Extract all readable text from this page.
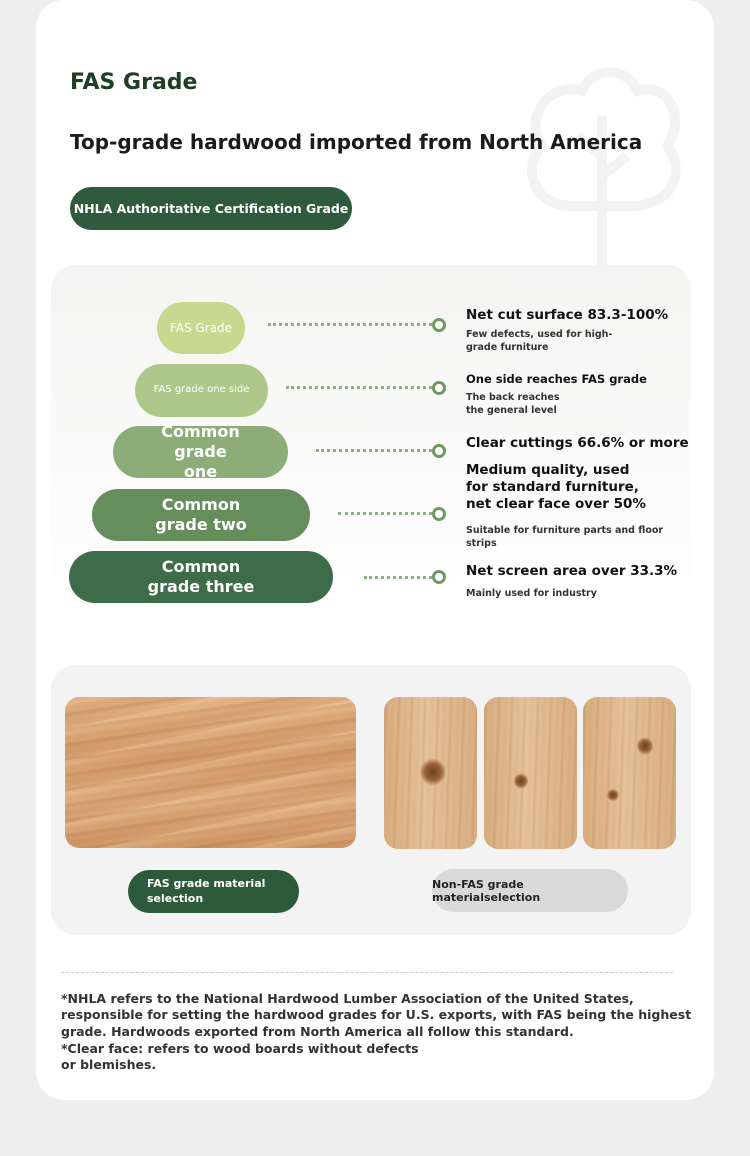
FAS Grade
Top-grade hardwood imported from North America
NHLA Authoritative Certification Grade
FAS Grade
Net cut surface 83.3-100%
Few defects, used for high-grade furniture
FAS grade one side
One side reaches FAS grade
The back reaches the general level
Common grade one
Clear cuttings 66.6% or more
Common grade two
Medium quality, used for standard furniture, net clear face over 50%
Suitable for furniture parts and floor strips
Common grade three
Net screen area over 33.3%
Mainly used for industry
FAS grade material selection
Non-FAS grade materialselection
*NHLA refers to the National Hardwood Lumber Association of the United States, responsible for setting the hardwood grades for U.S. exports, with FAS being the highest grade. Hardwoods exported from North America all follow this standard.
*Clear face: refers to wood boards without defects or blemishes.
